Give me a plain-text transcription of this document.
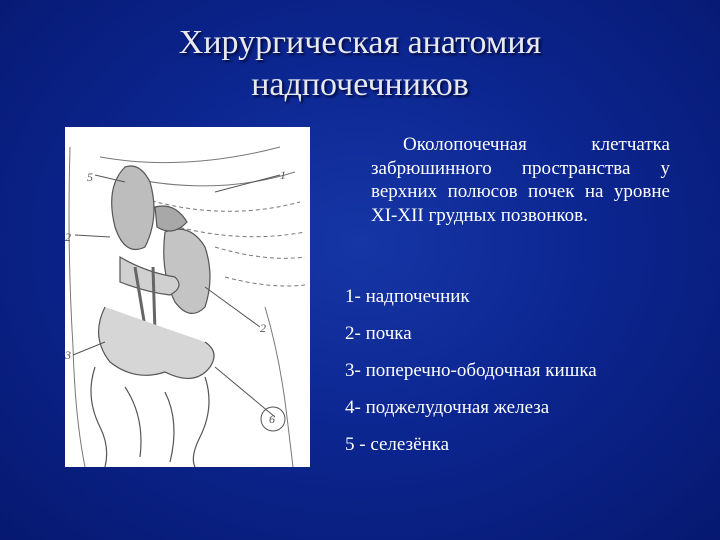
Хирургическая анатомия
надпочечников
5	1
2
2
3
6
Околопочечная клетчатка забрюшинного пространства у верхних полюсов почек на уровне XI-XII грудных позвонков.
1- надпочечник
2- почка
3- поперечно-ободочная кишка
4- поджелудочная железа
5 - селезёнка
